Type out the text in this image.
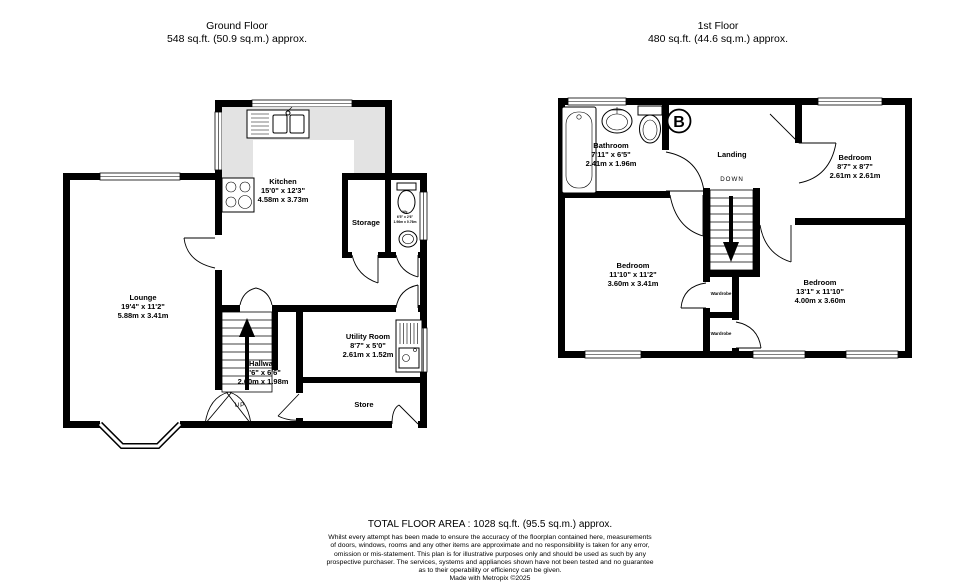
Ground Floor
548 sq.ft. (50.9 sq.m.) approx.
1st Floor
480 sq.ft. (44.6 sq.m.) approx.
Kitchen
15'0" x 12'3"
4.58m x 3.73m
Lounge
19'4" x 11'2"
5.88m x 3.41m
Storage
Wc
6'5" x 2'6"
1.96m x 0.76m
Hallway
8'6" x 6'6"
2.60m x 1.98m
UP
Utility Room
8'7" x 5'0"
2.61m x 1.52m
Store
B
Bathroom
7'11" x 6'5"
2.41m x 1.96m
Landing
DOWN
Bedroom
8'7" x 8'7"
2.61m x 2.61m
Bedroom
11'10" x 11'2"
3.60m x 3.41m	Bedroom
13'1" x 11'10"
4.00m x 3.60m
Wardrobe
Wardrobe
TOTAL FLOOR AREA : 1028 sq.ft. (95.5 sq.m.) approx.
Whilst every attempt has been made to ensure the accuracy of the floorplan contained here, measurements
of doors, windows, rooms and any other items are approximate and no responsibility is taken for any error,
omission or mis-statement. This plan is for illustrative purposes only and should be used as such by any
prospective purchaser. The services, systems and appliances shown have not been tested and no guarantee
as to their operability or efficiency can be given.
Made with Metropix ©2025
